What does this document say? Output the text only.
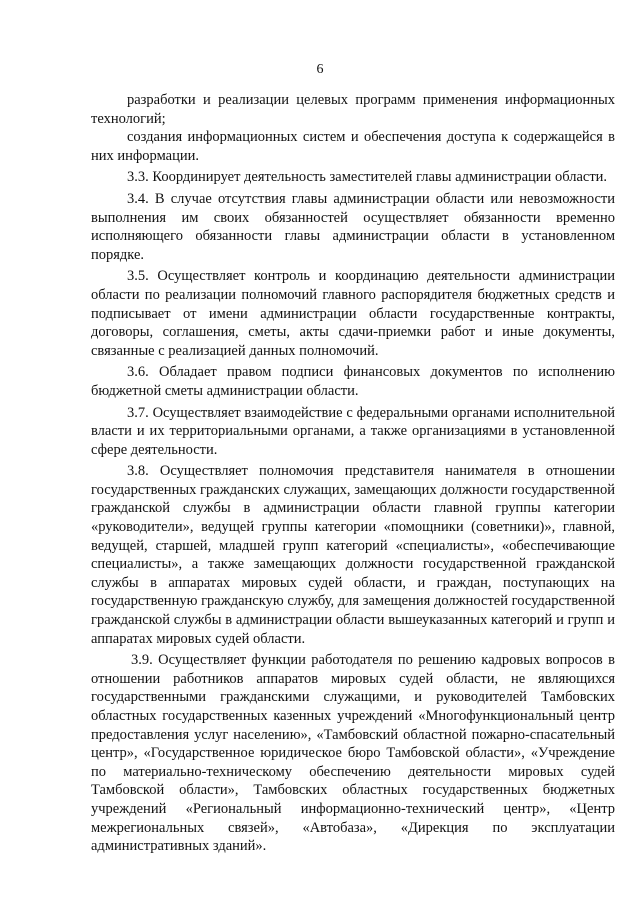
6

разработки и реализации целевых программ применения информационных технологий;

создания информационных систем и обеспечения доступа к содержащейся в них информации.

3.3. Координирует деятельность заместителей главы администрации области.

3.4. В случае отсутствия главы администрации области или невозможности выполнения им своих обязанностей осуществляет обязанности временно исполняющего обязанности главы администрации области в установленном порядке.

3.5. Осуществляет контроль и координацию деятельности администрации области по реализации полномочий главного распорядителя бюджетных средств и подписывает от имени администрации области государственные контракты, договоры, соглашения, сметы, акты сдачи-приемки работ и иные документы, связанные с реализацией данных полномочий.

3.6. Обладает правом подписи финансовых документов по исполнению бюджетной сметы администрации области.

3.7. Осуществляет взаимодействие с федеральными органами исполнительной власти и их территориальными органами, а также организациями в установленной сфере деятельности.

3.8. Осуществляет полномочия представителя нанимателя в отношении государственных гражданских служащих, замещающих должности государственной гражданской службы в администрации области главной группы категории «руководители», ведущей группы категории «помощники (советники)», главной, ведущей, старшей, младшей групп категорий «специалисты», «обеспечивающие специалисты», а также замещающих должности государственной гражданской службы в аппаратах мировых судей области, и граждан, поступающих на государственную гражданскую службу, для замещения должностей государственной гражданской службы в администрации области вышеуказанных категорий и групп и аппаратах мировых судей области.

3.9. Осуществляет функции работодателя по решению кадровых вопросов в отношении работников аппаратов мировых судей области, не являющихся государственными гражданскими служащими, и руководителей Тамбовских областных государственных казенных учреждений «Многофункциональный центр предоставления услуг населению», «Тамбовский областной пожарно-спасательный центр», «Государственное юридическое бюро Тамбовской области», «Учреждение по материально-техническому обеспечению деятельности мировых судей Тамбовской области», Тамбовских областных государственных бюджетных учреждений «Региональный информационно-технический центр», «Центр межрегиональных связей», «Автобаза», «Дирекция по эксплуатации административных зданий».
